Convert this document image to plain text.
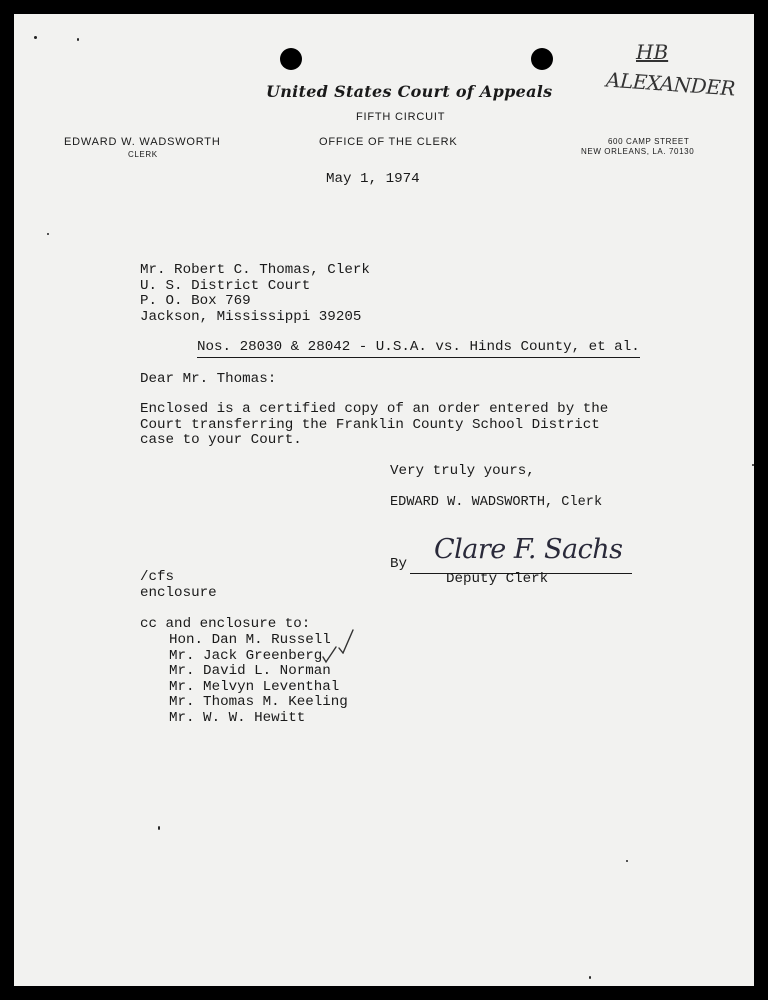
HB
ALEXANDER
United States Court of Appeals
FIFTH CIRCUIT
EDWARD W. WADSWORTH
CLERK
OFFICE OF THE CLERK	600 CAMP STREET
NEW ORLEANS, LA. 70130
May 1, 1974
Mr. Robert C. Thomas, Clerk
U. S. District Court
P. O. Box 769
Jackson, Mississippi 39205
Nos. 28030 & 28042 - U.S.A. vs. Hinds County, et al.
Dear Mr. Thomas:
Enclosed is a certified copy of an order entered by the
Court transferring the Franklin County School District
case to your Court.
Very truly yours,
EDWARD W. WADSWORTH, Clerk
By Clare F. Sachs
Deputy Clerk
/cfs
enclosure
cc and enclosure to:
Hon. Dan M. Russell
Mr. Jack Greenberg
Mr. David L. Norman
Mr. Melvyn Leventhal
Mr. Thomas M. Keeling
Mr. W. W. Hewitt
